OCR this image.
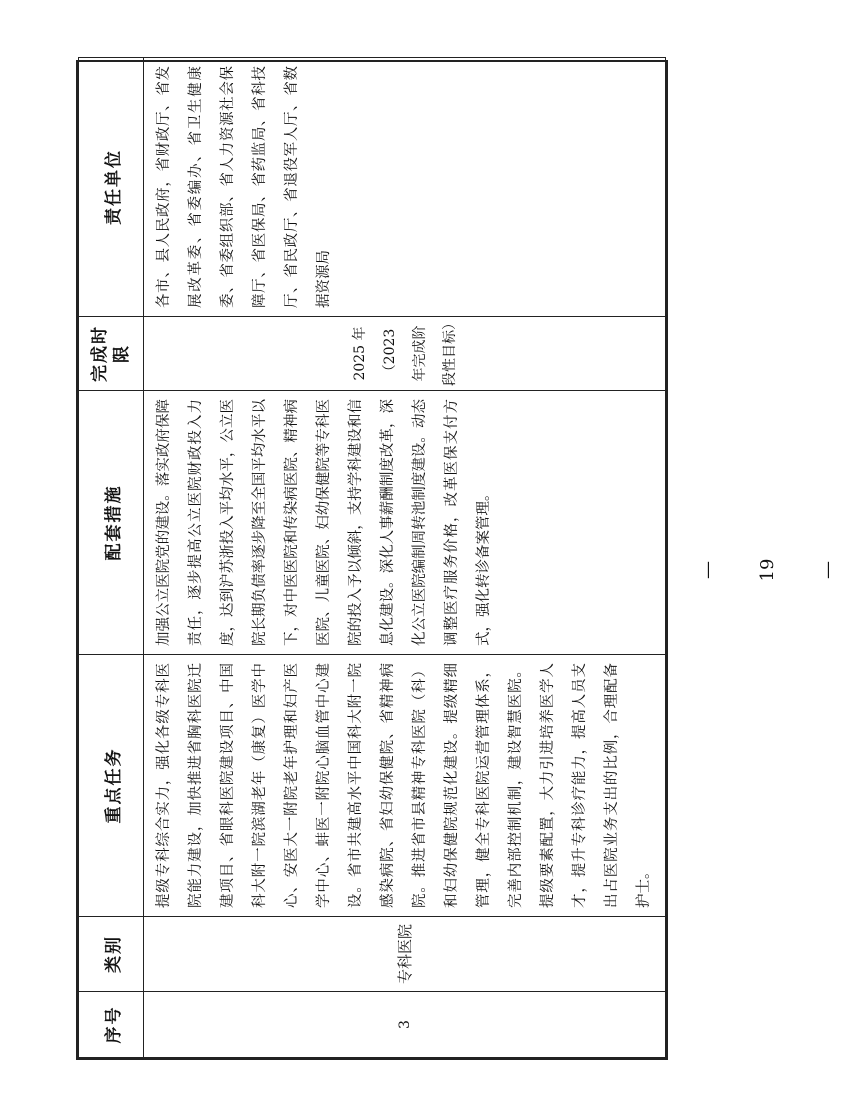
序号	类别	重点任务	配套措施	完成时限	责任单位
3	专科医院	提级专科综合实力，强化各级专科医院能力建设，加快推进省胸科医院迁建项目、省眼科医院建设项目、中国科大附一院滨湖老年（康复）医学中心、安医大一附院老年护理和妇产医学中心、蚌医一附院心脑血管中心建设。省市共建高水平中国科大附一院感染病院、省妇幼保健院、省精神病院。推进省市县精神专科医院（科）和妇幼保健院规范化建设。提级精细管理，健全专科医院运营管理体系，完善内部控制机制，建设智慧医院。提级要素配置，大力引进培养医学人才，提升专科诊疗能力，提高人员支出占医院业务支出的比例，合理配备护士。	加强公立医院党的建设。落实政府保障责任，逐步提高公立医院财政投入力度，达到沪苏浙投入平均水平，公立医院长期负债率逐步降至全国平均水平以下，对中医医院和传染病医院、精神病医院、儿童医院、妇幼保健院等专科医院的投入予以倾斜，支持学科建设和信息化建设。深化人事薪酬制度改革，深化公立医院编制周转池制度建设。动态调整医疗服务价格，改革医保支付方式，强化转诊备案管理。	2025 年（2023 年完成阶段性目标）	各市、县人民政府，省财政厅、省发展改革委、省委编办、省卫生健康委、省委组织部、省人力资源社会保障厅、省医保局、省药监局、省科技厅、省民政厅、省退役军人厅、省数据资源局
— 19 —
